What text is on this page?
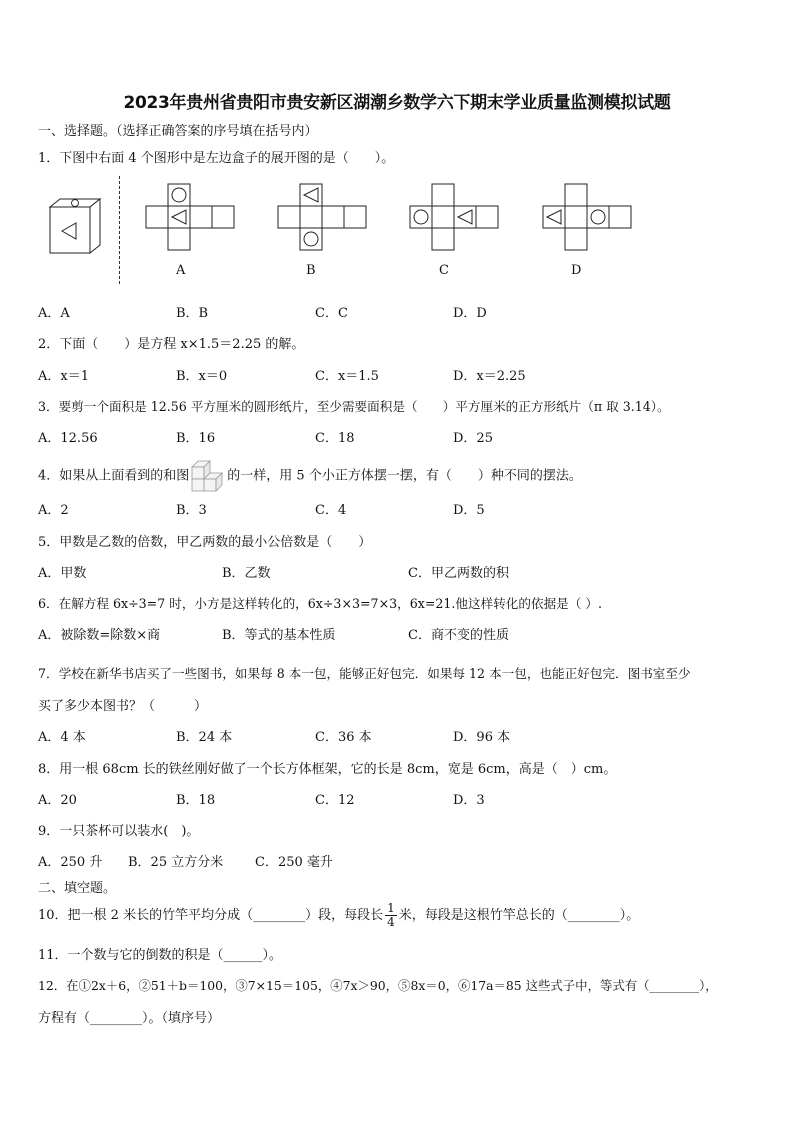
2023年贵州省贵阳市贵安新区湖潮乡数学六下期末学业质量监测模拟试题
一、选择题。（选择正确答案的序号填在括号内）
1．下图中右面 4 个图形中是左边盒子的展开图的是（　　）。
A	B	C	D
A．A	B．B	C．C	D．D
2．下面（　　）是方程 x×1.5＝2.25 的解。
A．x＝1	B．x＝0	C．x＝1.5	D．x＝2.25
3．要剪一个面积是 12.56 平方厘米的圆形纸片，至少需要面积是（　　）平方厘米的正方形纸片（π 取 3.14）。
A．12.56	B．16	C．18	D．25
4．如果从上面看到的和图	的一样，用 5 个小正方体摆一摆，有（　　）种不同的摆法。
A．2	B．3	C．4	D．5
5．甲数是乙数的倍数，甲乙两数的最小公倍数是（　　）
A．甲数	B．乙数	C．甲乙两数的积
6．在解方程 6x÷3=7 时，小方是这样转化的，6x÷3×3=7×3，6x=21.他这样转化的依据是（ ）.
A．被除数=除数×商	B．等式的基本性质	C．商不变的性质
7．学校在新华书店买了一些图书，如果每 8 本一包，能够正好包完．如果每 12 本一包，也能正好包完．图书室至少
买了多少本图书？（　　　）
A．4 本	B．24 本	C．36 本	D．96 本
8．用一根 68cm 长的铁丝刚好做了一个长方体框架，它的长是 8cm，宽是 6cm，高是（　）cm。
A．20	B．18	C．12	D．3
9．一只茶杯可以装水(　)。
A．250 升 B．25 立方分米 C．250 毫升
二、填空题。
10．把一根 2 米长的竹竿平均分成（________）段，每段长 $\frac{1}{4}$ 米，每段是这根竹竿总长的（________）。
11．一个数与它的倒数的积是（______）。
12．在①2x＋6，②51＋b＝100，③7×15＝105，④7x＞90，⑤8x＝0，⑥17a＝85 这些式子中，等式有（________），
方程有（________）。（填序号）
